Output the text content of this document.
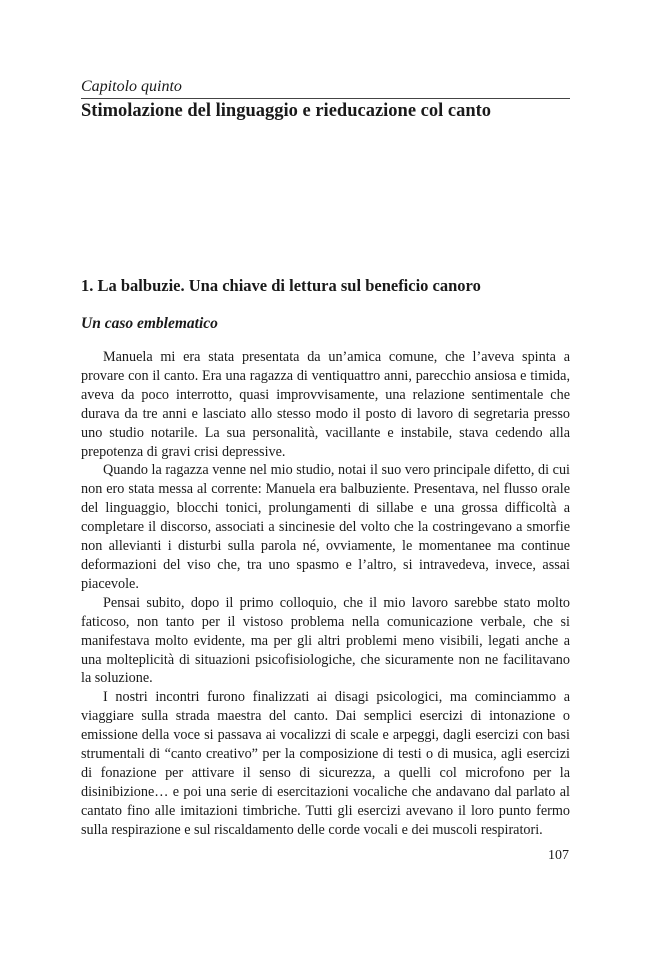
Capitolo quinto
Stimolazione del linguaggio e rieducazione col canto
1. La balbuzie. Una chiave di lettura sul beneficio canoro
Un caso emblematico

Manuela mi era stata presentata da un’amica comune, che l’aveva spinta a provare con il canto. Era una ragazza di ventiquattro anni, parecchio ansiosa e timida, aveva da poco interrotto, quasi improvvisamente, una relazione sentimentale che durava da tre anni e lasciato allo stesso modo il posto di lavoro di segretaria presso uno studio notarile. La sua personalità, vacillante e instabile, stava cedendo alla prepotenza di gravi crisi depressive.

Quando la ragazza venne nel mio studio, notai il suo vero principale difetto, di cui non ero stata messa al corrente: Manuela era balbuziente. Presentava, nel flusso orale del linguaggio, blocchi tonici, prolungamenti di sillabe e una grossa difficoltà a completare il discorso, associati a sincinesie del volto che la costringevano a smorfie non allevianti i disturbi sulla parola né, ovviamente, le momentanee ma continue deformazioni del viso che, tra uno spasmo e l’altro, si intravedeva, invece, assai piacevole.

Pensai subito, dopo il primo colloquio, che il mio lavoro sarebbe stato molto faticoso, non tanto per il vistoso problema nella comunicazione verbale, che si manifestava molto evidente, ma per gli altri problemi meno visibili, legati anche a una molteplicità di situazioni psicofisiologiche, che sicuramente non ne facilitavano la soluzione.

I nostri incontri furono finalizzati ai disagi psicologici, ma cominciammo a viaggiare sulla strada maestra del canto. Dai semplici esercizi di intonazione o emissione della voce si passava ai vocalizzi di scale e arpeggi, dagli esercizi con basi strumentali di “canto creativo” per la composizione di testi o di musica, agli esercizi di fonazione per attivare il senso di sicurezza, a quelli col microfono per la disinibizione… e poi una serie di esercitazioni vocaliche che andavano dal parlato al cantato fino alle imitazioni timbriche. Tutti gli esercizi avevano il loro punto fermo sulla respirazione e sul riscaldamento delle corde vocali e dei muscoli respiratori.

107
